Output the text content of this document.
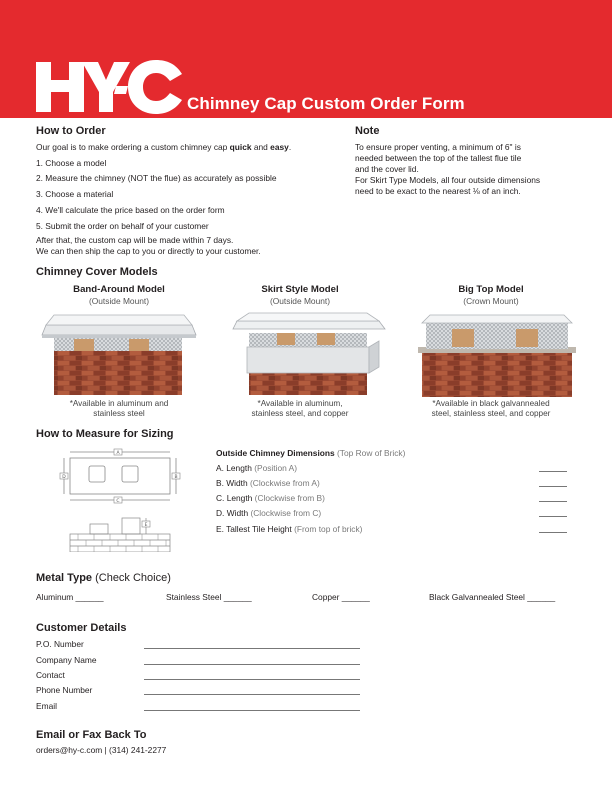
Chimney Cap Custom Order Form
How to Order
Our goal is to make ordering a custom chimney cap quick and easy.
1. Choose a model
2. Measure the chimney (NOT the flue) as accurately as possible
3. Choose a material
4. We'll calculate the price based on the order form
5. Submit the order on behalf of your customer
After that, the custom cap will be made within 7 days.
We can then ship the cap to you or directly to your customer.
Note
To ensure proper venting, a minimum of 6" is
needed between the top of the tallest flue tile
and the cover lid.
For Skirt Type Models, all four outside dimensions
need to be exact to the nearest ⅛ of an inch.
Chimney Cover Models
Band-Around Model
(Outside Mount)
Skirt Style Model
(Outside Mount)
Big Top Model
(Crown Mount)
*Available in aluminum and
stainless steel
*Available in aluminum,
stainless steel, and copper
*Available in black galvannealed
steel, stainless steel, and copper
How to Measure for Sizing
A
C
D	B
E
Outside Chimney Dimensions (Top Row of Brick)
A. Length (Position A)
B. Width (Clockwise from A)
C. Length (Clockwise from B)
D. Width (Clockwise from C)
E. Tallest Tile Height (From top of brick)
Metal Type (Check Choice)
Aluminum ______	Stainless Steel ______	Copper ______	Black Galvannealed Steel ______
Customer Details
P.O. Number
Company Name
Contact
Phone Number
Email
Email or Fax Back To
orders@hy-c.com | (314) 241-2277
